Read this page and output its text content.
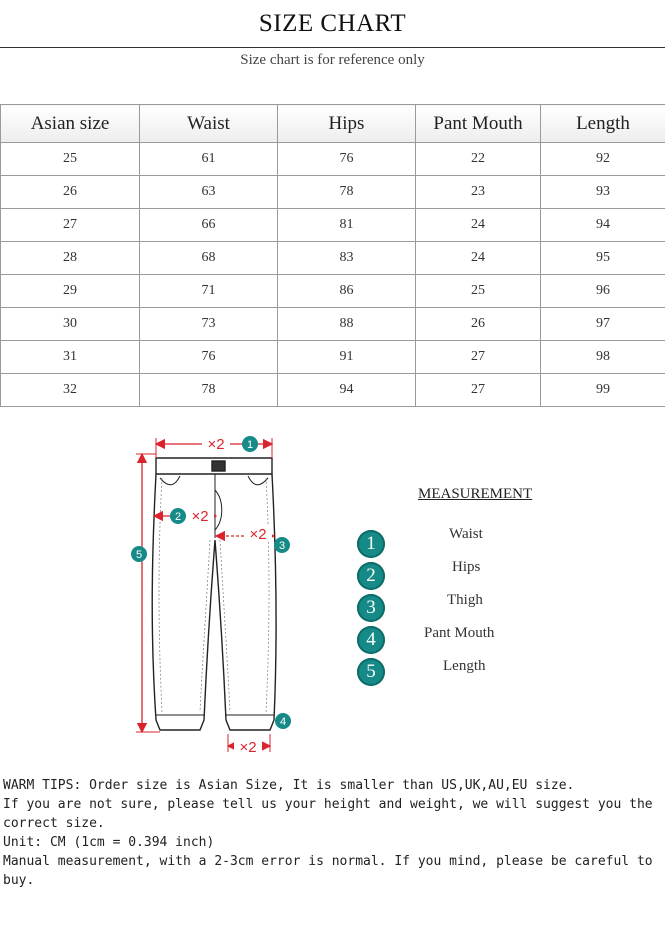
SIZE CHART
Size chart is for reference only
Asian size	Waist	Hips	Pant Mouth	Length
25	61	76	22	92
26	63	78	23	93
27	66	81	24	94
28	68	83	24	95
29	71	86	25	96
30	73	88	26	97
31	76	91	27	98
32	78	94	27	99
×2 1
×2
2
×2
3
5
4
×2
MEASUREMENT
1	Waist
2	Hips
3	Thigh
4	Pant Mouth
5	Length
WARM TIPS: Order size is Asian Size, It is smaller than US,UK,AU,EU size.
If you are not sure, please tell us your height and weight, we will suggest you the correct size.
Unit: CM (1cm = 0.394 inch)
Manual measurement, with a 2-3cm error is normal. If you mind, please be careful to buy.
